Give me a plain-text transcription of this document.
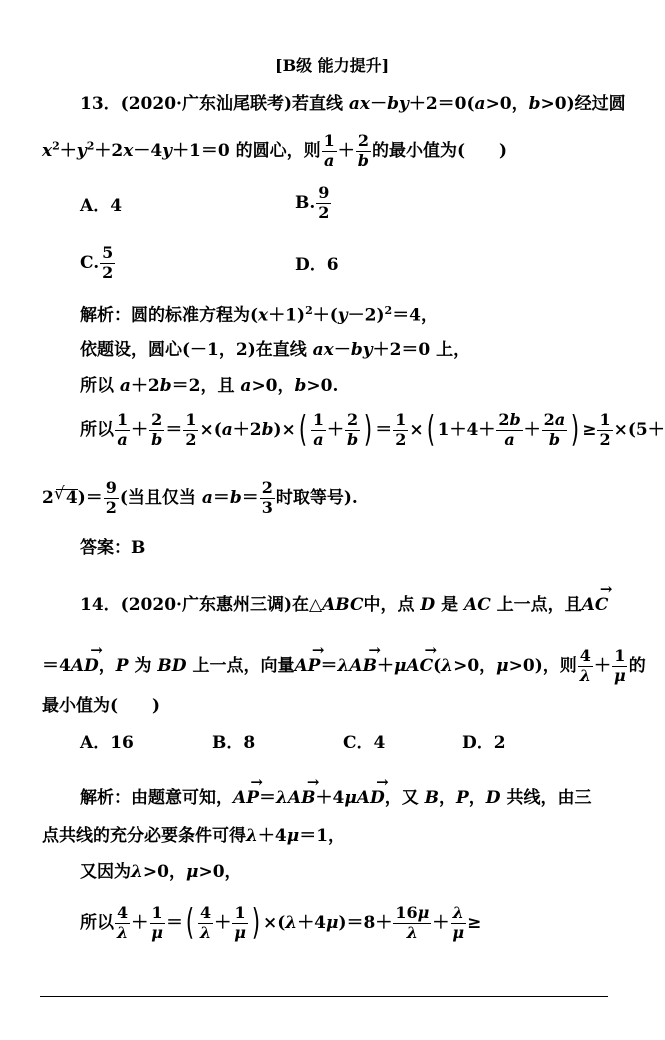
[B级 能力提升]
13．(2020·广东汕尾联考)若直线 ax－by＋2＝0(a>0，b>0)经过圆
$x^2+y^2+2x-4y+1=0$ 的圆心，则 $\frac{1}{a} + \frac{2}{b}$ 的最小值为(　　)
A．4	B. $\frac{9}{2}$
C. $\frac{5}{2}$	D．6
解析：圆的标准方程为$(x+1)^2+(y-2)^2=4$，
依题设，圆心(－1，2)在直线 ax－by＋2＝0 上，
所以 a＋2b＝2，且 a>0，b>0.
所以 $\frac{1}{a} + \frac{2}{b} = \frac{1}{2} \times(a+2b)\times( \frac{1}{a} + \frac{2}{b}$ ) ＝ $\frac{1}{2}$ ×( $1+4+ \frac{2b}{a} + \frac{2a}{b}$ ) ≥ $\frac{1}{2} \times(5+$
2√ $4)= \frac{9}{2}$ (当且仅当 $a=b= \frac{2}{3}$ 时取等号).
答案：B
14．(2020·广东惠州三调)在△ABC中，点 D 是 AC 上一点，且→ AC
＝4→ AD，P 为 BD 上一点，向量→ AP＝λ→ AB＋μ→ AC(λ>0，μ>0)，则 $\frac{4}{\lambda} + \frac{1}{\mu}$ 的
最小值为(　　)
A．16	B．8	C．4	D．2
解析：由题意可知，→ AP＝λ→ AB＋4μ→ AD，又 B，P，D 共线，由三
点共线的充分必要条件可得λ＋4μ＝1，
又因为λ>0，μ>0，
所以 $\frac{4}{\lambda} + \frac{1}{\mu}$ ＝( $\frac{4}{\lambda} + \frac{1}{\mu}$ ) $\times(\lambda+4\mu)=8+ \frac{16\mu}{\lambda} + \frac{\lambda}{\mu}$ ≥
